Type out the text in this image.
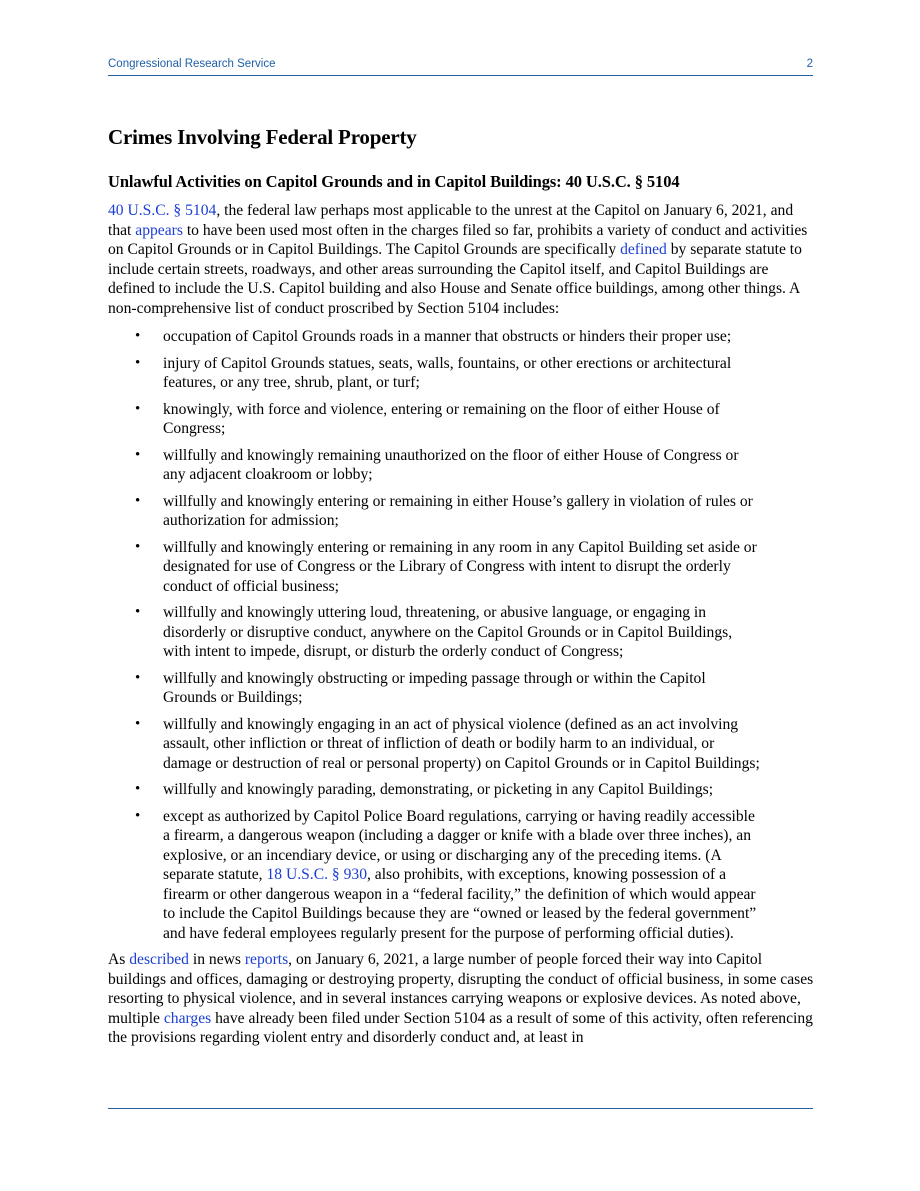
Congressional Research Service	2
Crimes Involving Federal Property
Unlawful Activities on Capitol Grounds and in Capitol Buildings: 40 U.S.C. § 5104

40 U.S.C. § 5104, the federal law perhaps most applicable to the unrest at the Capitol on January 6, 2021, and that appears to have been used most often in the charges filed so far, prohibits a variety of conduct and activities on Capitol Grounds or in Capitol Buildings. The Capitol Grounds are specifically defined by separate statute to include certain streets, roadways, and other areas surrounding the Capitol itself, and Capitol Buildings are defined to include the U.S. Capitol building and also House and Senate office buildings, among other things. A non-comprehensive list of conduct proscribed by Section 5104 includes:

• occupation of Capitol Grounds roads in a manner that obstructs or hinders their proper use;
• injury of Capitol Grounds statues, seats, walls, fountains, or other erections or architectural features, or any tree, shrub, plant, or turf;
• knowingly, with force and violence, entering or remaining on the floor of either House of Congress;
• willfully and knowingly remaining unauthorized on the floor of either House of Congress or any adjacent cloakroom or lobby;
• willfully and knowingly entering or remaining in either House’s gallery in violation of rules or authorization for admission;
• willfully and knowingly entering or remaining in any room in any Capitol Building set aside or designated for use of Congress or the Library of Congress with intent to disrupt the orderly conduct of official business;
• willfully and knowingly uttering loud, threatening, or abusive language, or engaging in disorderly or disruptive conduct, anywhere on the Capitol Grounds or in Capitol Buildings, with intent to impede, disrupt, or disturb the orderly conduct of Congress;
• willfully and knowingly obstructing or impeding passage through or within the Capitol Grounds or Buildings;
• willfully and knowingly engaging in an act of physical violence (defined as an act involving assault, other infliction or threat of infliction of death or bodily harm to an individual, or damage or destruction of real or personal property) on Capitol Grounds or in Capitol Buildings;
• willfully and knowingly parading, demonstrating, or picketing in any Capitol Buildings;
• except as authorized by Capitol Police Board regulations, carrying or having readily accessible a firearm, a dangerous weapon (including a dagger or knife with a blade over three inches), an explosive, or an incendiary device, or using or discharging any of the preceding items. (A separate statute, 18 U.S.C. § 930, also prohibits, with exceptions, knowing possession of a firearm or other dangerous weapon in a “federal facility,” the definition of which would appear to include the Capitol Buildings because they are “owned or leased by the federal government” and have federal employees regularly present for the purpose of performing official duties).

As described in news reports, on January 6, 2021, a large number of people forced their way into Capitol buildings and offices, damaging or destroying property, disrupting the conduct of official business, in some cases resorting to physical violence, and in several instances carrying weapons or explosive devices. As noted above, multiple charges have already been filed under Section 5104 as a result of some of this activity, often referencing the provisions regarding violent entry and disorderly conduct and, at least in
